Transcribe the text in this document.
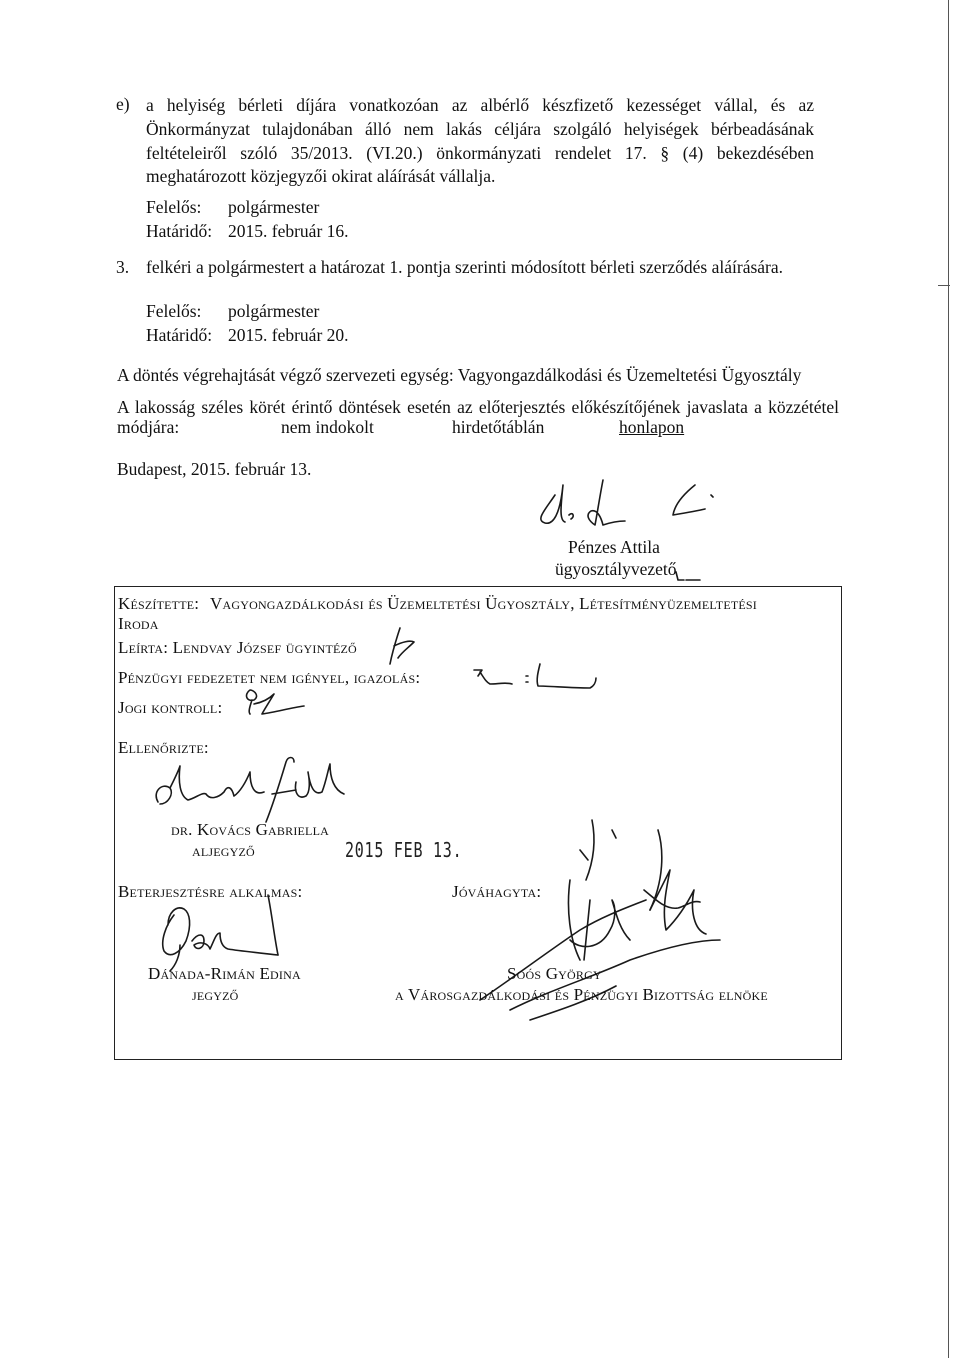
e) a helyiség bérleti díjára vonatkozóan az albérlő készfizető kezességet vállal, és az
Önkormányzat tulajdonában álló nem lakás céljára szolgáló helyiségek bérbeadásának
feltételeiről szóló 35/2013. (VI.20.) önkormányzati rendelet 17. § (4) bekezdésében
meghatározott közjegyzői okirat aláírását vállalja.
Felelős: polgármester
Határidő: 2015. február 16.
3. felkéri a polgármestert a határozat 1. pontja szerinti módosított bérleti szerződés aláírására.
Felelős: polgármester
Határidő: 2015. február 20.
A döntés végrehajtását végző szervezeti egység: Vagyongazdálkodási és Üzemeltetési Ügyosztály
A lakosság széles körét érintő döntések esetén az előterjesztés előkészítőjének javaslata a közzététel
módjára:	nem indokolt	hirdetőtáblán	honlapon
Budapest, 2015. február 13.
Pénzes Attila
ügyosztályvezető
Készítette: Vagyongazdálkodási és Üzemeltetési Ügyosztály, Létesítményüzemeltetési
Iroda
Leírta: Lendvay József ügyintéző
Pénzügyi fedezetet nem igényel, igazolás:
Jogi kontroll:
Ellenőrizte:
dr. Kovács Gabriella
aljegyző	2015 FEB 13.
Beterjesztésre alkalmas:	Jóváhagyta:
Dánada-Rimán Edina
jegyző
Soós György
a Városgazdálkodási és Pénzügyi Bizottság elnöke
